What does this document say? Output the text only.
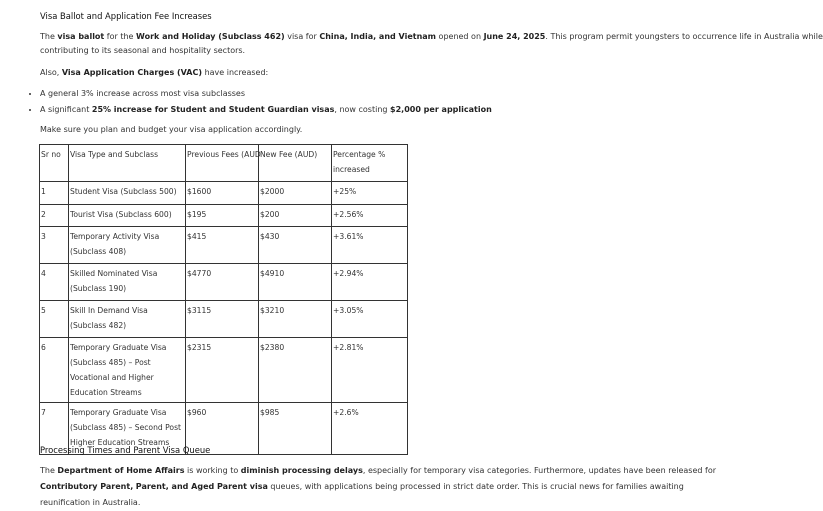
Visa Ballot and Application Fee Increases
The visa ballot for the Work and Holiday (Subclass 462) visa for China, India, and Vietnam opened on June 24, 2025. This program permit youngsters to occurrence life in Australia while
contributing to its seasonal and hospitality sectors.
Also, Visa Application Charges (VAC) have increased:
• A general 3% increase across most visa subclasses
• A significant 25% increase for Student and Student Guardian visas, now costing $2,000 per application
Make sure you plan and budget your visa application accordingly.
Sr no	Visa Type and Subclass	Previous Fees (AUD	New Fee (AUD)	Percentage % increased
1	Student Visa (Subclass 500)	$1600	$2000	+25%
2	Tourist Visa (Subclass 600)	$195	$200	+2.56%
3	Temporary Activity Visa (Subclass 408)	$415	$430	+3.61%
4	Skilled Nominated Visa (Subclass 190)	$4770	$4910	+2.94%
5	Skill In Demand Visa (Subclass 482)	$3115	$3210	+3.05%
6	Temporary Graduate Visa (Subclass 485) – Post Vocational and Higher Education Streams	$2315	$2380	+2.81%
7	Temporary Graduate Visa (Subclass 485) – Second Post Higher Education Streams	$960	$985	+2.6%
Processing Times and Parent Visa Queue
The Department of Home Affairs is working to diminish processing delays, especially for temporary visa categories. Furthermore, updates have been released for Contributory Parent, Parent, and Aged Parent visa queues, with applications being processed in strict date order. This is crucial news for families awaiting reunification in Australia.
